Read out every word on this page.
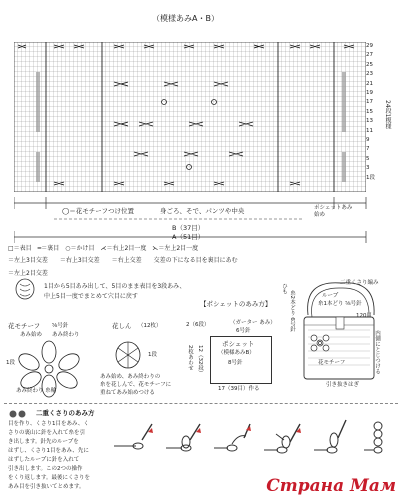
（模様あみA・B）
29
27
25
23
21
19
17
15
13
11
9
7
5
3
1段
24段1模様
◯＝花モチーフつけ位置	身ごろ、そで、パンツや中央	ポシェットあみ始め
B（37目）
A（51目）
□＝表目　━＝裏目　○＝かけ目　⋌＝右上2目一度　⋋＝左上2目一度
＝左上3目交差　　＝右上3目交差　　＝右上交差　　交差の下になる目を裏目にあむ
＝左上2目交差
1目から5目あみ出して、5目のまま表目を3段あみ、
中上5目一度でまとめて穴目に戻す
花モチーフ ⅝号針
あみ始め あみ終わり
1段
あみ終わり 糸輪
花しん （12枚）
1段
あみ始め、あみ終わりの
糸を花しんで、花モチーフに
重ねてあみ始めつける
【ポシェットのあみ方】
（ガーター あみ）
6号針
ポシェット
（模様あみB）
8号針
2（6段）
12（32段）
2枚あわせ
17（39目）作る
ひも
糸2本どり 6号針
二重くさり編み
ループ
糸1本どり ⅝号針
120目
内側にとじつける
花モチーフ
引き抜きはぎ
二重くさりのあみ方
目を作り、くさり1目をあみ、く
さりの裏山に針を入れて糸を引
き出します。針先のループを
はずし、くさり1目をあみ、先に
はずしたループに針を入れて
引き出します。この2つの操作
をくり返します。最後にくさりを
あみ目を引き抜いてとめます。	Страна Мам
